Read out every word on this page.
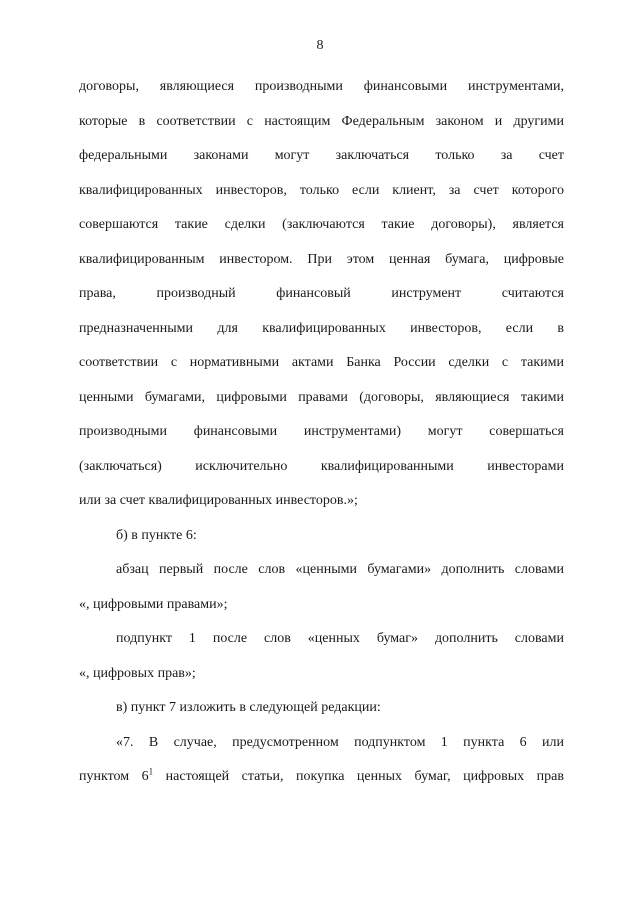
8
договоры, являющиеся производными финансовыми инструментами,
которые в соответствии с настоящим Федеральным законом и другими
федеральными законами могут заключаться только за счет
квалифицированных инвесторов, только если клиент, за счет которого
совершаются такие сделки (заключаются такие договоры), является
квалифицированным инвестором. При этом ценная бумага, цифровые
права, производный финансовый инструмент считаются
предназначенными для квалифицированных инвесторов, если в
соответствии с нормативными актами Банка России сделки с такими
ценными бумагами, цифровыми правами (договоры, являющиеся такими
производными финансовыми инструментами) могут совершаться
(заключаться) исключительно квалифицированными инвесторами
или за счет квалифицированных инвесторов.»;
б) в пункте 6:
абзац первый после слов «ценными бумагами» дополнить словами
«, цифровыми правами»;
подпункт 1 после слов «ценных бумаг» дополнить словами
«, цифровых прав»;
в) пункт 7 изложить в следующей редакции:
«7. В случае, предусмотренном подпунктом 1 пункта 6 или
пунктом $6^1$ настоящей статьи, покупка ценных бумаг, цифровых прав
